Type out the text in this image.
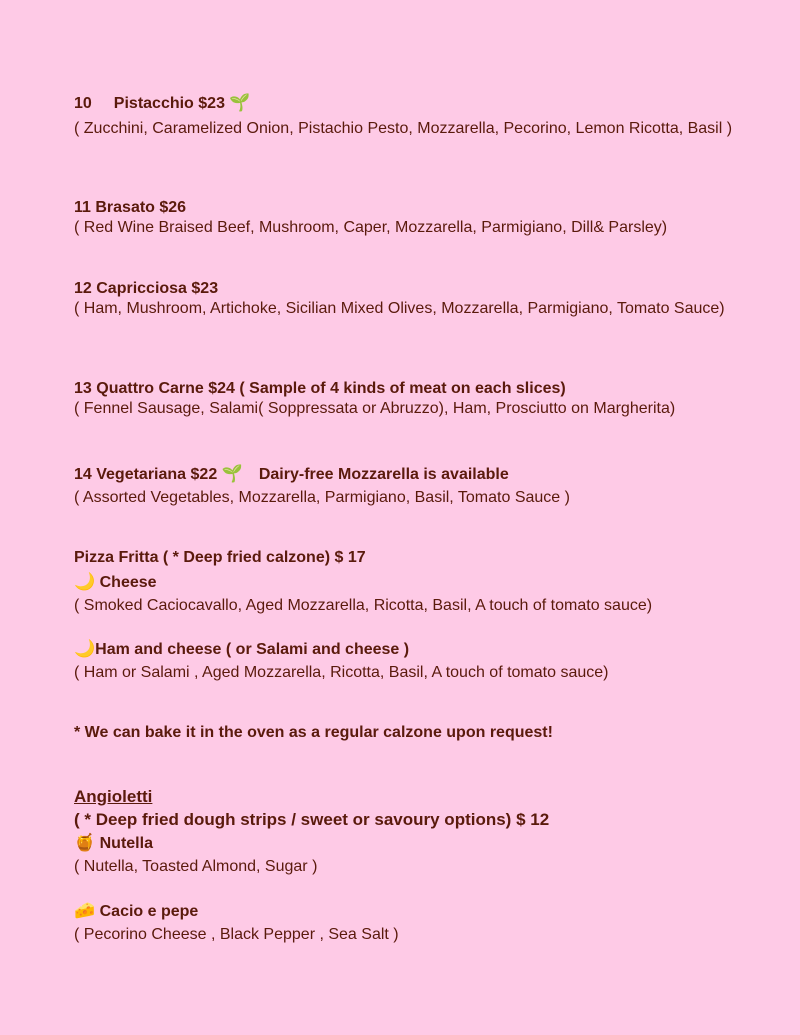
10 Pistacchio $23 🌱

( Zucchini, Caramelized Onion, Pistachio Pesto, Mozzarella, Pecorino, Lemon Ricotta, Basil )

11 Brasato $26

( Red Wine Braised Beef, Mushroom, Caper, Mozzarella, Parmigiano, Dill& Parsley)

12 Capricciosa $23

( Ham, Mushroom, Artichoke, Sicilian Mixed Olives, Mozzarella, Parmigiano, Tomato Sauce)

13 Quattro Carne $24 ( Sample of 4 kinds of meat on each slices)

( Fennel Sausage, Salami( Soppressata or Abruzzo), Ham, Prosciutto on Margherita)

14 Vegetariana $22 🌱 Dairy-free Mozzarella is available

( Assorted Vegetables, Mozzarella, Parmigiano, Basil, Tomato Sauce )

Pizza Fritta ( * Deep fried calzone) $ 17

🌙 Cheese

( Smoked Caciocavallo, Aged Mozzarella, Ricotta, Basil, A touch of tomato sauce)

🌙Ham and cheese ( or Salami and cheese )

( Ham or Salami , Aged Mozzarella, Ricotta, Basil, A touch of tomato sauce)

* We can bake it in the oven as a regular calzone upon request!

Angioletti

( * Deep fried dough strips / sweet or savoury options) $ 12

🍯 Nutella

( Nutella, Toasted Almond, Sugar )

🧀 Cacio e pepe

( Pecorino Cheese , Black Pepper , Sea Salt )
